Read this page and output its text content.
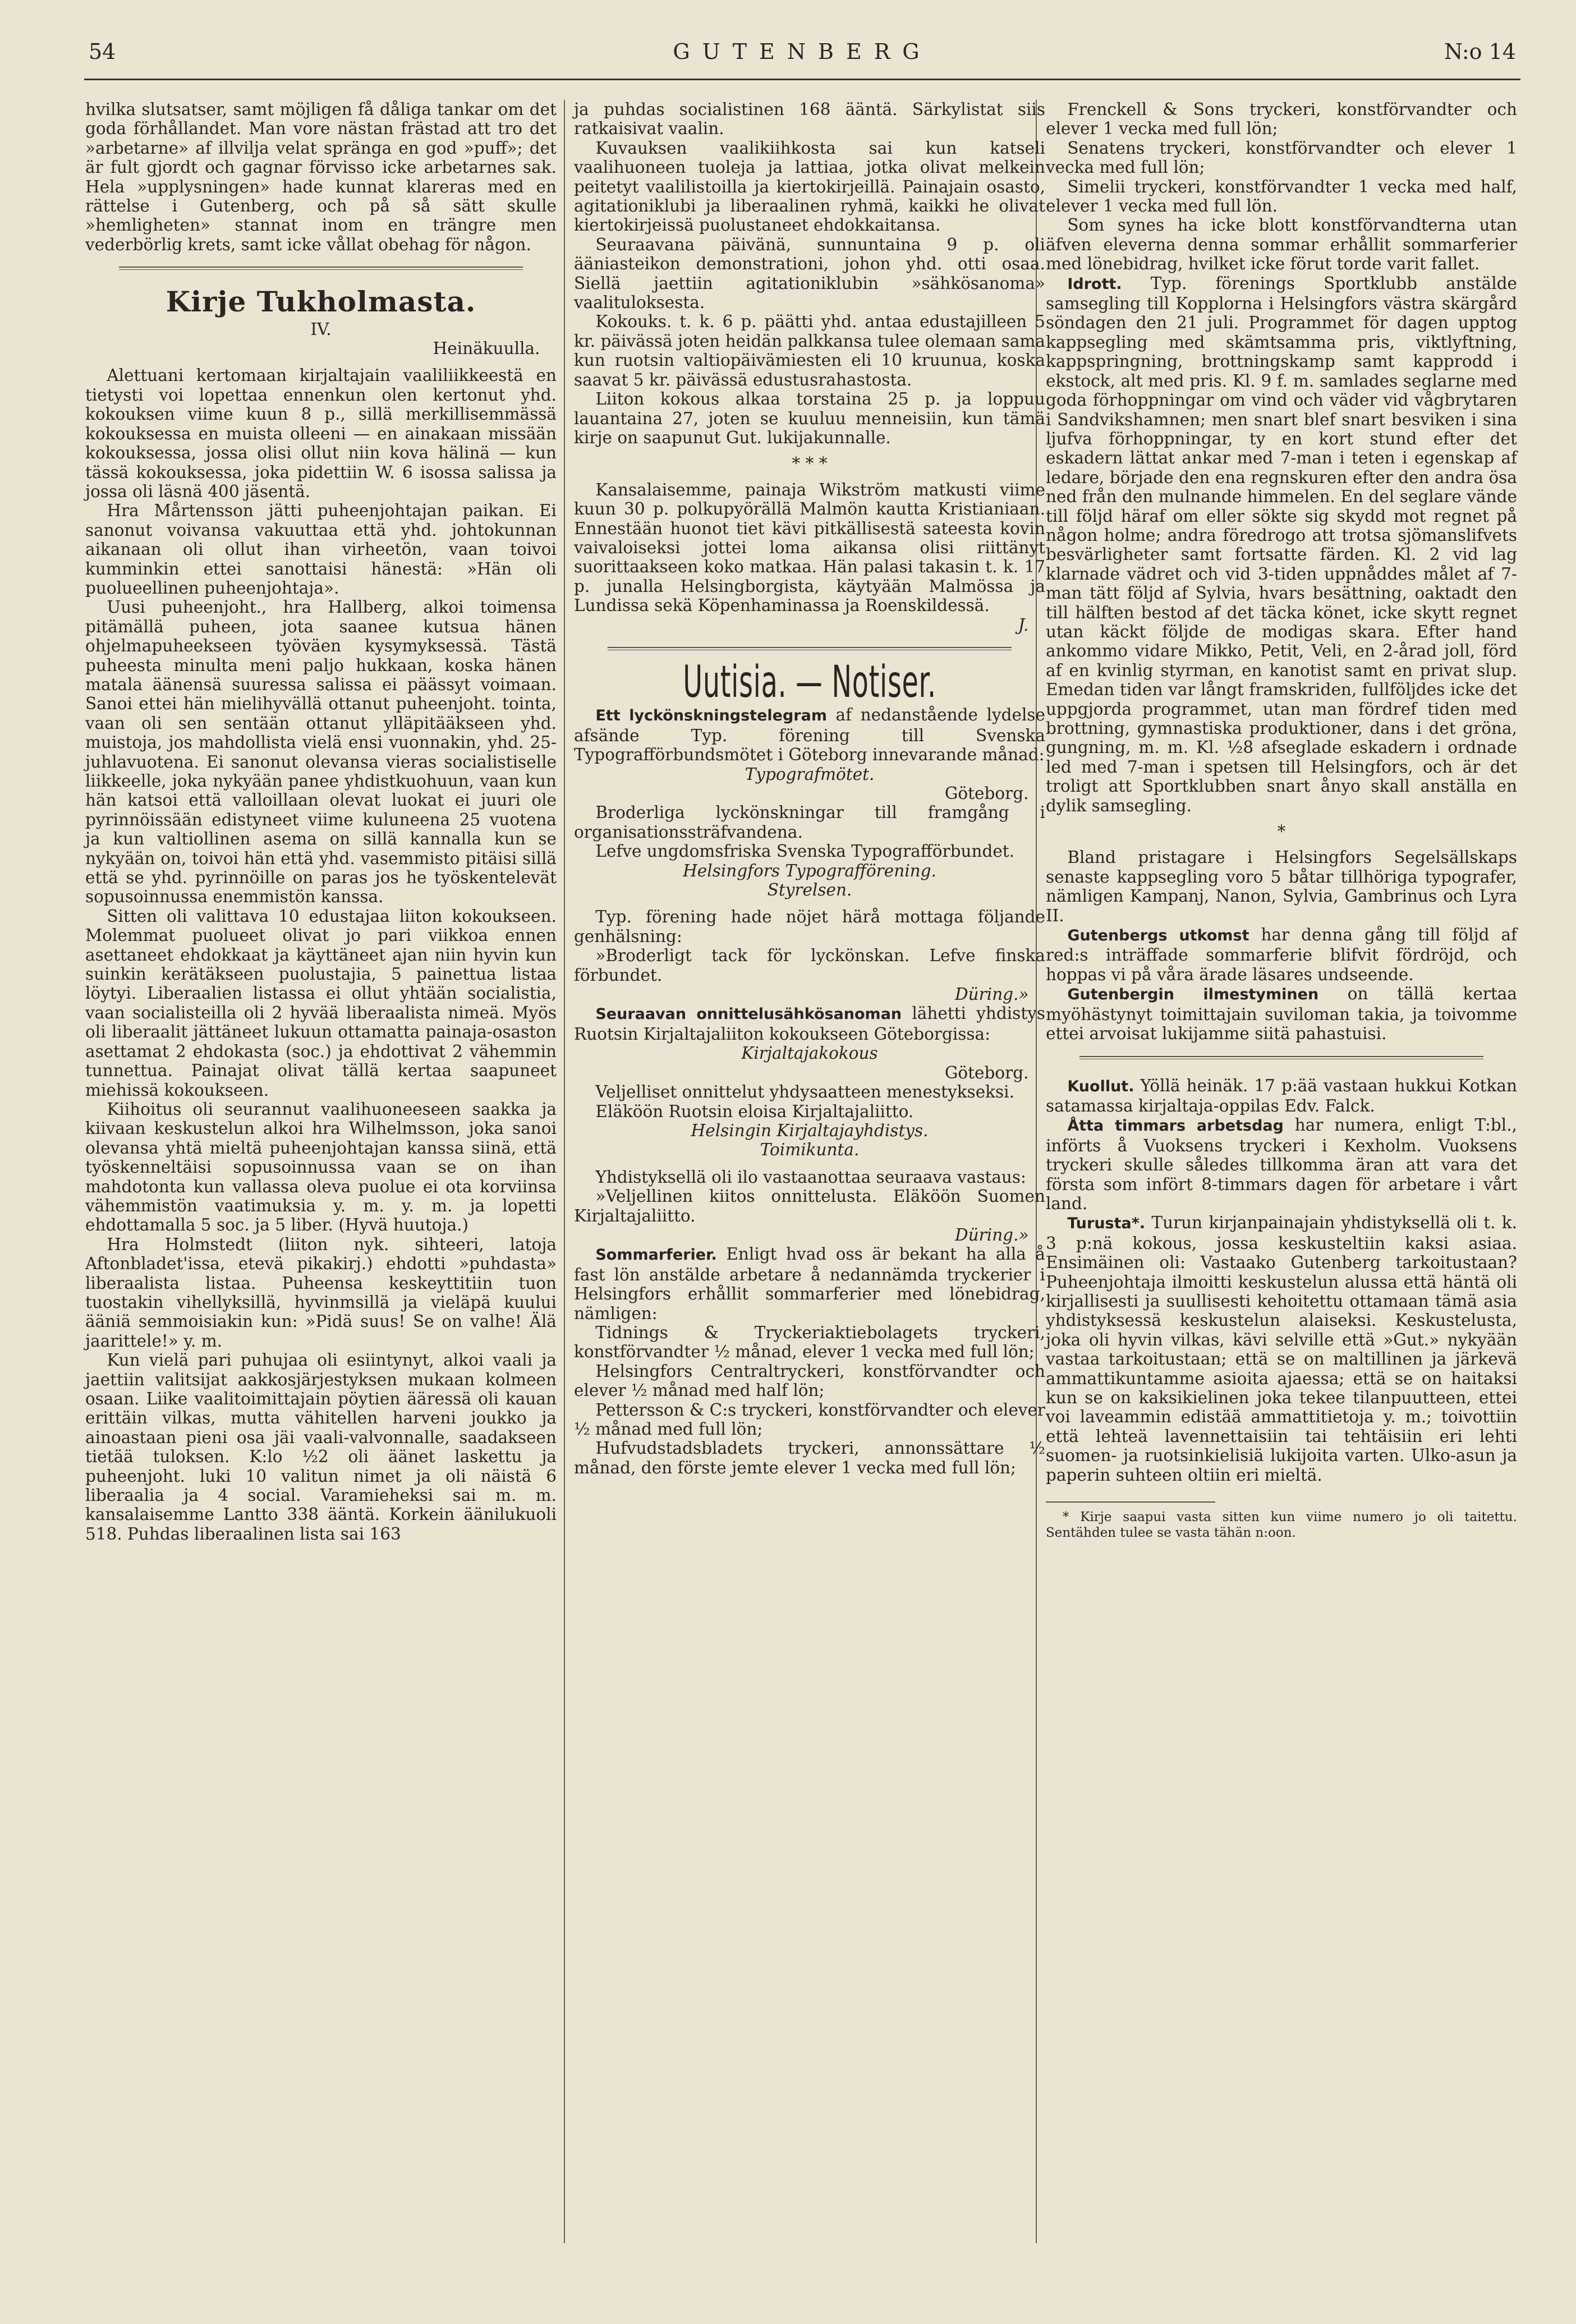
54	GUTENBERG	N:o 14

hvilka slutsatser, samt möjligen få dåliga tankar om det goda förhållandet. Man vore nästan frästad att tro det »arbetarne» af illvilja velat spränga en god »puff»; det är fult gjordt och gagnar förvisso icke arbetarnes sak. Hela »upplysningen» hade kunnat klareras med en rättelse i Gutenberg, och på så sätt skulle »hemligheten» stannat inom en trängre men vederbörlig krets, samt icke vållat obehag för någon.

Kirje Tukholmasta.

IV.

Heinäkuulla.

Alettuani kertomaan kirjaltajain vaaliliikkeestä en tietysti voi lopettaa ennenkun olen kertonut yhd. kokouksen viime kuun 8 p., sillä merkillisemmässä kokouksessa en muista olleeni — en ainakaan missään kokouksessa, jossa olisi ollut niin kova hälinä — kun tässä kokouksessa, joka pidettiin W. 6 isossa salissa ja jossa oli läsnä 400 jäsentä.

Hra Mårtensson jätti puheenjohtajan paikan. Ei sanonut voivansa vakuuttaa että yhd. johtokunnan aikanaan oli ollut ihan virheetön, vaan toivoi kumminkin ettei sanottaisi hänestä: »Hän oli puolueellinen puheenjohtaja».

Uusi puheenjoht., hra Hallberg, alkoi toimensa pitämällä puheen, jota saanee kutsua hänen ohjelmapuheekseen työväen kysymyksessä. Tästä puheesta minulta meni paljo hukkaan, koska hänen matala äänensä suuressa salissa ei päässyt voimaan. Sanoi ettei hän mielihyvällä ottanut puheenjoht. tointa, vaan oli sen sentään ottanut ylläpitääkseen yhd. muistoja, jos mahdollista vielä ensi vuonnakin, yhd. 25-juhlavuotena. Ei sanonut olevansa vieras socialistiselle liikkeelle, joka nykyään panee yhdistkuohuun, vaan kun hän katsoi että valloillaan olevat luokat ei juuri ole pyrinnöissään edistyneet viime kuluneena 25 vuotena ja kun valtiollinen asema on sillä kannalla kun se nykyään on, toivoi hän että yhd. vasemmisto pitäisi sillä että se yhd. pyrinnöille on paras jos he työskentelevät sopusoinnussa enemmistön kanssa.

Sitten oli valittava 10 edustajaa liiton kokoukseen. Molemmat puolueet olivat jo pari viikkoa ennen asettaneet ehdokkaat ja käyttäneet ajan niin hyvin kun suinkin kerätäkseen puolustajia, 5 painettua listaa löytyi. Liberaalien listassa ei ollut yhtään socialistia, vaan socialisteilla oli 2 hyvää liberaalista nimeä. Myös oli liberaalit jättäneet lukuun ottamatta painaja-osaston asettamat 2 ehdokasta (soc.) ja ehdottivat 2 vähemmin tunnettua. Painajat olivat tällä kertaa saapuneet miehissä kokoukseen.

Kiihoitus oli seurannut vaalihuoneeseen saakka ja kiivaan keskustelun alkoi hra Wilhelmsson, joka sanoi olevansa yhtä mieltä puheenjohtajan kanssa siinä, että työskenneltäisi sopusoinnussa vaan se on ihan mahdotonta kun vallassa oleva puolue ei ota korviinsa vähemmistön vaatimuksia y. m. y. m. ja lopetti ehdottamalla 5 soc. ja 5 liber. (Hyvä huutoja.)

Hra Holmstedt (liiton nyk. sihteeri, latoja Aftonbladet'issa, etevä pikakirj.) ehdotti »puhdasta» liberaalista listaa. Puheensa keskeyttitiin tuon tuostakin vihellyksillä, hyvinmsillä ja vieläpä kuului ääniä semmoisiakin kun: »Pidä suus! Se on valhe! Älä jaarittele!» y. m.

Kun vielä pari puhujaa oli esiintynyt, alkoi vaali ja jaettiin valitsijat aakkosjärjestyksen mukaan kolmeen osaan. Liike vaalitoimittajain pöytien ääressä oli kauan erittäin vilkas, mutta vähitellen harveni joukko ja ainoastaan pieni osa jäi vaali-valvonnalle, saadakseen tietää tuloksen. K:lo ½2 oli äänet laskettu ja puheenjoht. luki 10 valitun nimet ja oli näistä 6 liberaalia ja 4 social. Varamieheksi sai m. m. kansalaisemme Lantto 338 ääntä. Korkein äänilukuoli 518. Puhdas liberaalinen lista sai 163

ja puhdas socialistinen 168 ääntä. Särkylistat siis ratkaisivat vaalin.

Kuvauksen vaalikiihkosta sai kun katseli vaalihuoneen tuoleja ja lattiaa, jotka olivat melkein peitetyt vaalilistoilla ja kiertokirjeillä. Painajain osasto, agitationiklubi ja liberaalinen ryhmä, kaikki he olivat kiertokirjeissä puolustaneet ehdokkaitansa.

Seuraavana päivänä, sunnuntaina 9 p. oli ääniasteikon demonstrationi, johon yhd. otti osaa. Siellä jaettiin agitationiklubin »sähkösanoma» vaalituloksesta.

Kokouks. t. k. 6 p. päätti yhd. antaa edustajilleen 5 kr. päivässä joten heidän palkkansa tulee olemaan sama kun ruotsin valtiopäivämiesten eli 10 kruunua, koska saavat 5 kr. päivässä edustusrahastosta.

Liiton kokous alkaa torstaina 25 p. ja loppuu lauantaina 27, joten se kuuluu menneisiin, kun tämä kirje on saapunut Gut. lukijakunnalle.

* * *

Kansalaisemme, painaja Wikström matkusti viime kuun 30 p. polkupyörällä Malmön kautta Kristianiaan. Ennestään huonot tiet kävi pitkällisestä sateesta kovin vaivaloiseksi jottei loma aikansa olisi riittänyt suorittaakseen koko matkaa. Hän palasi takasin t. k. 17 p. junalla Helsingborgista, käytyään Malmössa ja Lundissa sekä Köpenhaminassa ja Roenskildessä.

J.

Uutisia. — Notiser.

Ett lyckönskningstelegram af nedanstående lydelse afsände Typ. förening till Svenska Typografförbundsmötet i Göteborg innevarande månad:

Typografmötet.

Göteborg.

Broderliga lyckönskningar till framgång i organisationssträfvandena.

Lefve ungdomsfriska Svenska Typografförbundet.

Helsingfors Typografförening.

Styrelsen.

Typ. förening hade nöjet härå mottaga följande genhälsning:

»Broderligt tack för lyckönskan. Lefve finska förbundet.

Düring.»

Seuraavan onnittelusähkösanoman lähetti yhdistys Ruotsin Kirjaltajaliiton kokoukseen Göteborgissa:

Kirjaltajakokous

Göteborg.

Veljelliset onnittelut yhdysaatteen menestykseksi.

Eläköön Ruotsin eloisa Kirjaltajaliitto.

Helsingin Kirjaltajayhdistys.

Toimikunta.

Yhdistyksellä oli ilo vastaanottaa seuraava vastaus:

»Veljellinen kiitos onnittelusta. Eläköön Suomen Kirjaltajaliitto.

Düring.»

Sommarferier. Enligt hvad oss är bekant ha alla å fast lön anstälde arbetare å nedannämda tryckerier i Helsingfors erhållit sommarferier med lönebidrag, nämligen:

Tidnings & Tryckeriaktiebolagets tryckeri, konstförvandter ½ månad, elever 1 vecka med full lön;

Helsingfors Centraltryckeri, konstförvandter och elever ½ månad med half lön;

Pettersson & C:s tryckeri, konstförvandter och elever ½ månad med full lön;

Hufvudstadsbladets tryckeri, annonssättare ½ månad, den förste jemte elever 1 vecka med full lön;

Frenckell & Sons tryckeri, konstförvandter och elever 1 vecka med full lön;

Senatens tryckeri, konstförvandter och elever 1 vecka med full lön;

Simelii tryckeri, konstförvandter 1 vecka med half, elever 1 vecka med full lön.

Som synes ha icke blott konstförvandterna utan äfven eleverna denna sommar erhållit sommarferier med lönebidrag, hvilket icke förut torde varit fallet.

Idrott. Typ. förenings Sportklubb anstälde samsegling till Kopplorna i Helsingfors västra skärgård söndagen den 21 juli. Programmet för dagen upptog kappsegling med skämtsamma pris, viktlyftning, kappspringning, brottningskamp samt kapprodd i ekstock, alt med pris. Kl. 9 f. m. samlades seglarne med goda förhoppningar om vind och väder vid vågbrytaren i Sandvikshamnen; men snart blef snart besviken i sina ljufva förhoppningar, ty en kort stund efter det eskadern lättat ankar med 7-man i teten i egenskap af ledare, började den ena regnskuren efter den andra ösa ned från den mulnande himmelen. En del seglare vände till följd häraf om eller sökte sig skydd mot regnet på någon holme; andra föredrogo att trotsa sjömanslifvets besvärligheter samt fortsatte färden. Kl. 2 vid lag klarnade vädret och vid 3-tiden uppnåddes målet af 7-man tätt följd af Sylvia, hvars besättning, oaktadt den till hälften bestod af det täcka könet, icke skytt regnet utan käckt följde de modigas skara. Efter hand ankommo vidare Mikko, Petit, Veli, en 2-årad joll, förd af en kvinlig styrman, en kanotist samt en privat slup. Emedan tiden var långt framskriden, fullföljdes icke det uppgjorda programmet, utan man fördref tiden med brottning, gymnastiska produktioner, dans i det gröna, gungning, m. m. Kl. ½8 afseglade eskadern i ordnade led med 7-man i spetsen till Helsingfors, och är det troligt att Sportklubben snart ånyo skall anställa en dylik samsegling.

*

Bland pristagare i Helsingfors Segelsällskaps senaste kappsegling voro 5 båtar tillhöriga typografer, nämligen Kampanj, Nanon, Sylvia, Gambrinus och Lyra II.

Gutenbergs utkomst har denna gång till följd af red:s inträffade sommarferie blifvit fördröjd, och hoppas vi på våra ärade läsares undseende.

Gutenbergin ilmestyminen on tällä kertaa myöhästynyt toimittajain suviloman takia, ja toivomme ettei arvoisat lukijamme siitä pahastuisi.

Kuollut. Yöllä heinäk. 17 p:ää vastaan hukkui Kotkan satamassa kirjaltaja-oppilas Edv. Falck.

Åtta timmars arbetsdag har numera, enligt T:bl., införts å Vuoksens tryckeri i Kexholm. Vuoksens tryckeri skulle således tillkomma äran att vara det första som infört 8-timmars dagen för arbetare i vårt land.

Turusta*. Turun kirjanpainajain yhdistyksellä oli t. k. 3 p:nä kokous, jossa keskusteltiin kaksi asiaa. Ensimäinen oli: Vastaako Gutenberg tarkoitustaan? Puheenjohtaja ilmoitti keskustelun alussa että häntä oli kirjallisesti ja suullisesti kehoitettu ottamaan tämä asia yhdistyksessä keskustelun alaiseksi. Keskustelusta, joka oli hyvin vilkas, kävi selville että »Gut.» nykyään vastaa tarkoitustaan; että se on maltillinen ja järkevä ammattikuntamme asioita ajaessa; että se on haitaksi kun se on kaksikielinen joka tekee tilanpuutteen, ettei voi laveammin edistää ammattitietoja y. m.; toivottiin että lehteä lavennettaisiin tai tehtäisiin eri lehti suomen- ja ruotsinkielisiä lukijoita varten. Ulko-asun ja paperin suhteen oltiin eri mieltä.

* Kirje saapui vasta sitten kun viime numero jo oli taitettu. Sentähden tulee se vasta tähän n:oon.
